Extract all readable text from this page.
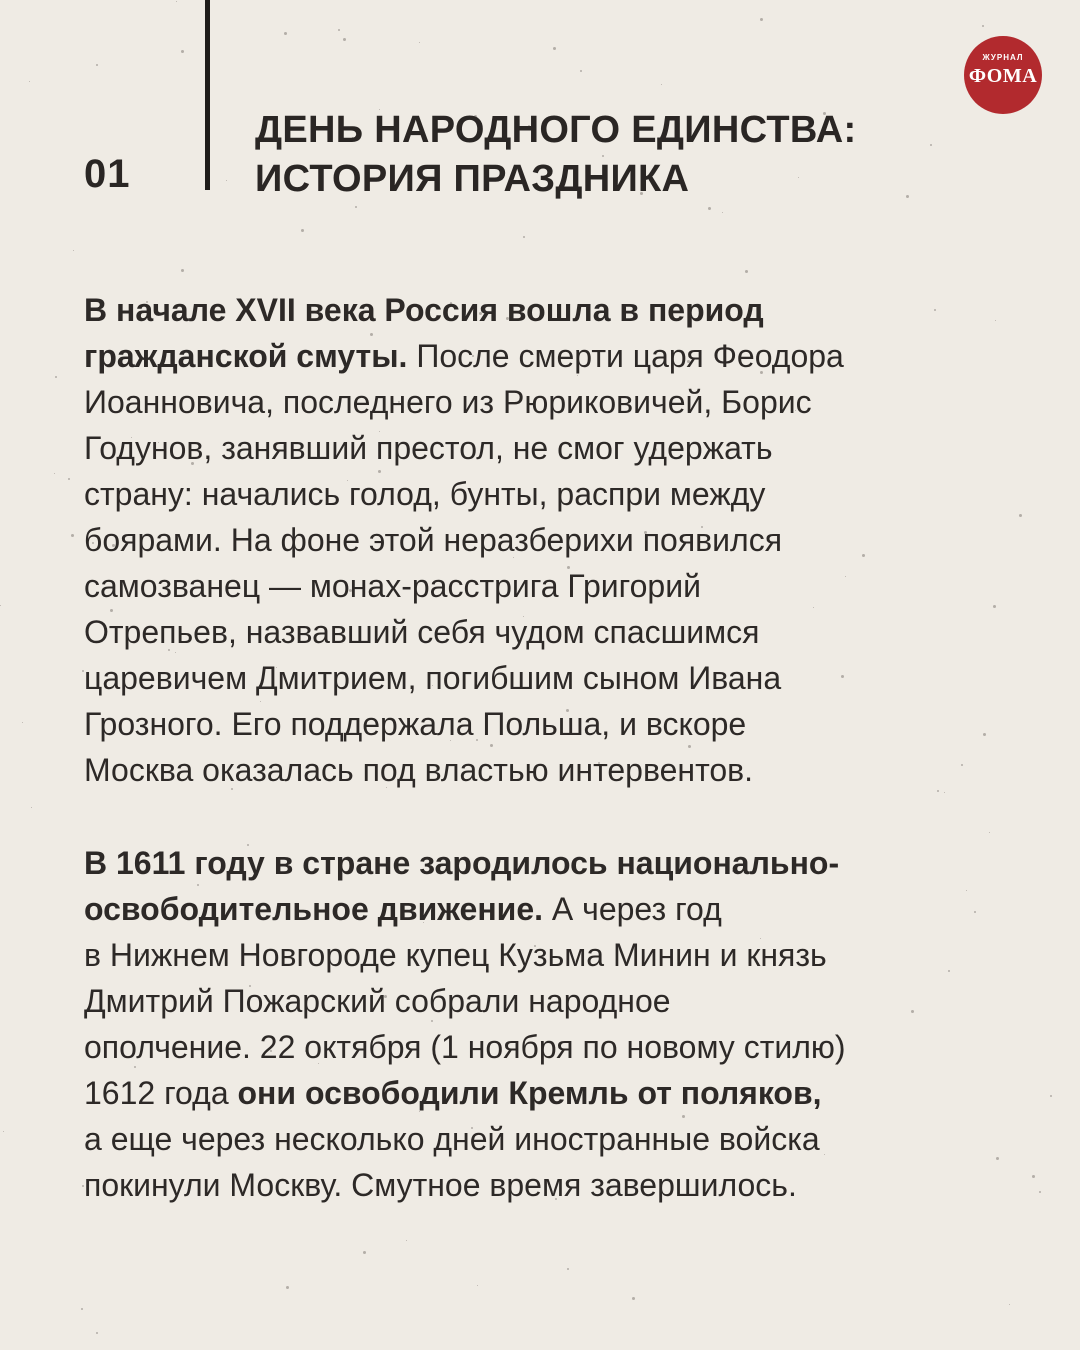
01
ДЕНЬ НАРОДНОГО ЕДИНСТВА:
ИСТОРИЯ ПРАЗДНИКА
ЖУРНАЛ
ФОМА

В начале XVII века Россия вошла в период
гражданской смуты. После смерти царя Феодора
Иоанновича, последнего из Рюриковичей, Борис
Годунов, занявший престол, не смог удержать
страну: начались голод, бунты, распри между
боярами. На фоне этой неразберихи появился
самозванец — монах-расстрига Григорий
Отрепьев, назвавший себя чудом спасшимся
царевичем Дмитрием, погибшим сыном Ивана
Грозного. Его поддержала Польша, и вскоре
Москва оказалась под властью интервентов.

В 1611 году в стране зародилось национально-
освободительное движение. А через год
в Нижнем Новгороде купец Кузьма Минин и князь
Дмитрий Пожарский собрали народное
ополчение. 22 октября (1 ноября по новому стилю)
1612 года они освободили Кремль от поляков,
а еще через несколько дней иностранные войска
покинули Москву. Смутное время завершилось.
